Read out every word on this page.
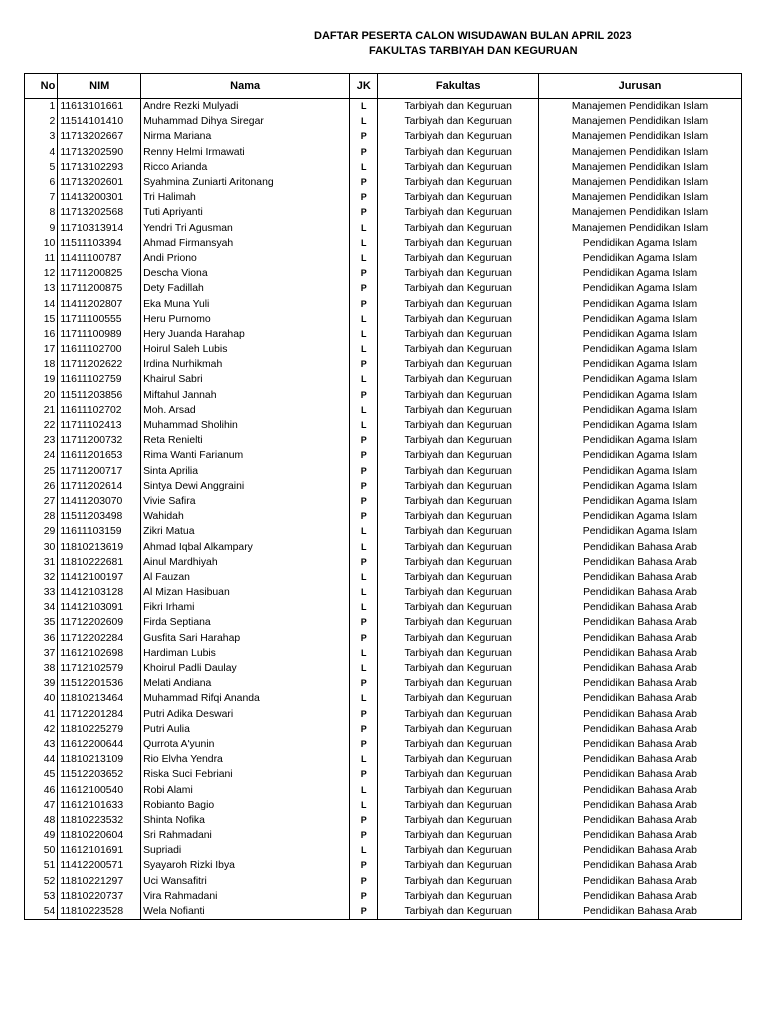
DAFTAR PESERTA CALON WISUDAWAN BULAN APRIL 2023
FAKULTAS TARBIYAH DAN KEGURUAN
No	NIM	Nama	JK	Fakultas	Jurusan
1	11613101661	Andre Rezki Mulyadi	L	Tarbiyah dan Keguruan	Manajemen Pendidikan Islam
2	11514101410	Muhammad Dihya Siregar	L	Tarbiyah dan Keguruan	Manajemen Pendidikan Islam
3	11713202667	Nirma Mariana	P	Tarbiyah dan Keguruan	Manajemen Pendidikan Islam
4	11713202590	Renny Helmi Irmawati	P	Tarbiyah dan Keguruan	Manajemen Pendidikan Islam
5	11713102293	Ricco Arianda	L	Tarbiyah dan Keguruan	Manajemen Pendidikan Islam
6	11713202601	Syahmina Zuniarti Aritonang	P	Tarbiyah dan Keguruan	Manajemen Pendidikan Islam
7	11413200301	Tri Halimah	P	Tarbiyah dan Keguruan	Manajemen Pendidikan Islam
8	11713202568	Tuti Apriyanti	P	Tarbiyah dan Keguruan	Manajemen Pendidikan Islam
9	11710313914	Yendri Tri Agusman	L	Tarbiyah dan Keguruan	Manajemen Pendidikan Islam
10	11511103394	Ahmad Firmansyah	L	Tarbiyah dan Keguruan	Pendidikan Agama Islam
11	11411100787	Andi Priono	L	Tarbiyah dan Keguruan	Pendidikan Agama Islam
12	11711200825	Descha Viona	P	Tarbiyah dan Keguruan	Pendidikan Agama Islam
13	11711200875	Dety Fadillah	P	Tarbiyah dan Keguruan	Pendidikan Agama Islam
14	11411202807	Eka Muna Yuli	P	Tarbiyah dan Keguruan	Pendidikan Agama Islam
15	11711100555	Heru Purnomo	L	Tarbiyah dan Keguruan	Pendidikan Agama Islam
16	11711100989	Hery Juanda Harahap	L	Tarbiyah dan Keguruan	Pendidikan Agama Islam
17	11611102700	Hoirul Saleh Lubis	L	Tarbiyah dan Keguruan	Pendidikan Agama Islam
18	11711202622	Irdina Nurhikmah	P	Tarbiyah dan Keguruan	Pendidikan Agama Islam
19	11611102759	Khairul Sabri	L	Tarbiyah dan Keguruan	Pendidikan Agama Islam
20	11511203856	Miftahul Jannah	P	Tarbiyah dan Keguruan	Pendidikan Agama Islam
21	11611102702	Moh. Arsad	L	Tarbiyah dan Keguruan	Pendidikan Agama Islam
22	11711102413	Muhammad Sholihin	L	Tarbiyah dan Keguruan	Pendidikan Agama Islam
23	11711200732	Reta Renielti	P	Tarbiyah dan Keguruan	Pendidikan Agama Islam
24	11611201653	Rima Wanti Farianum	P	Tarbiyah dan Keguruan	Pendidikan Agama Islam
25	11711200717	Sinta Aprilia	P	Tarbiyah dan Keguruan	Pendidikan Agama Islam
26	11711202614	Sintya Dewi Anggraini	P	Tarbiyah dan Keguruan	Pendidikan Agama Islam
27	11411203070	Vivie Safira	P	Tarbiyah dan Keguruan	Pendidikan Agama Islam
28	11511203498	Wahidah	P	Tarbiyah dan Keguruan	Pendidikan Agama Islam
29	11611103159	Zikri Matua	L	Tarbiyah dan Keguruan	Pendidikan Agama Islam
30	11810213619	Ahmad Iqbal Alkampary	L	Tarbiyah dan Keguruan	Pendidikan Bahasa Arab
31	11810222681	Ainul Mardhiyah	P	Tarbiyah dan Keguruan	Pendidikan Bahasa Arab
32	11412100197	Al Fauzan	L	Tarbiyah dan Keguruan	Pendidikan Bahasa Arab
33	11412103128	Al Mizan Hasibuan	L	Tarbiyah dan Keguruan	Pendidikan Bahasa Arab
34	11412103091	Fikri Irhami	L	Tarbiyah dan Keguruan	Pendidikan Bahasa Arab
35	11712202609	Firda Septiana	P	Tarbiyah dan Keguruan	Pendidikan Bahasa Arab
36	11712202284	Gusfita Sari Harahap	P	Tarbiyah dan Keguruan	Pendidikan Bahasa Arab
37	11612102698	Hardiman Lubis	L	Tarbiyah dan Keguruan	Pendidikan Bahasa Arab
38	11712102579	Khoirul Padli Daulay	L	Tarbiyah dan Keguruan	Pendidikan Bahasa Arab
39	11512201536	Melati Andiana	P	Tarbiyah dan Keguruan	Pendidikan Bahasa Arab
40	11810213464	Muhammad Rifqi Ananda	L	Tarbiyah dan Keguruan	Pendidikan Bahasa Arab
41	11712201284	Putri Adika Deswari	P	Tarbiyah dan Keguruan	Pendidikan Bahasa Arab
42	11810225279	Putri Aulia	P	Tarbiyah dan Keguruan	Pendidikan Bahasa Arab
43	11612200644	Qurrota A'yunin	P	Tarbiyah dan Keguruan	Pendidikan Bahasa Arab
44	11810213109	Rio Elvha Yendra	L	Tarbiyah dan Keguruan	Pendidikan Bahasa Arab
45	11512203652	Riska Suci Febriani	P	Tarbiyah dan Keguruan	Pendidikan Bahasa Arab
46	11612100540	Robi Alami	L	Tarbiyah dan Keguruan	Pendidikan Bahasa Arab
47	11612101633	Robianto Bagio	L	Tarbiyah dan Keguruan	Pendidikan Bahasa Arab
48	11810223532	Shinta Nofika	P	Tarbiyah dan Keguruan	Pendidikan Bahasa Arab
49	11810220604	Sri Rahmadani	P	Tarbiyah dan Keguruan	Pendidikan Bahasa Arab
50	11612101691	Supriadi	L	Tarbiyah dan Keguruan	Pendidikan Bahasa Arab
51	11412200571	Syayaroh Rizki Ibya	P	Tarbiyah dan Keguruan	Pendidikan Bahasa Arab
52	11810221297	Uci Wansafitri	P	Tarbiyah dan Keguruan	Pendidikan Bahasa Arab
53	11810220737	Vira Rahmadani	P	Tarbiyah dan Keguruan	Pendidikan Bahasa Arab
54	11810223528	Wela Nofianti	P	Tarbiyah dan Keguruan	Pendidikan Bahasa Arab
